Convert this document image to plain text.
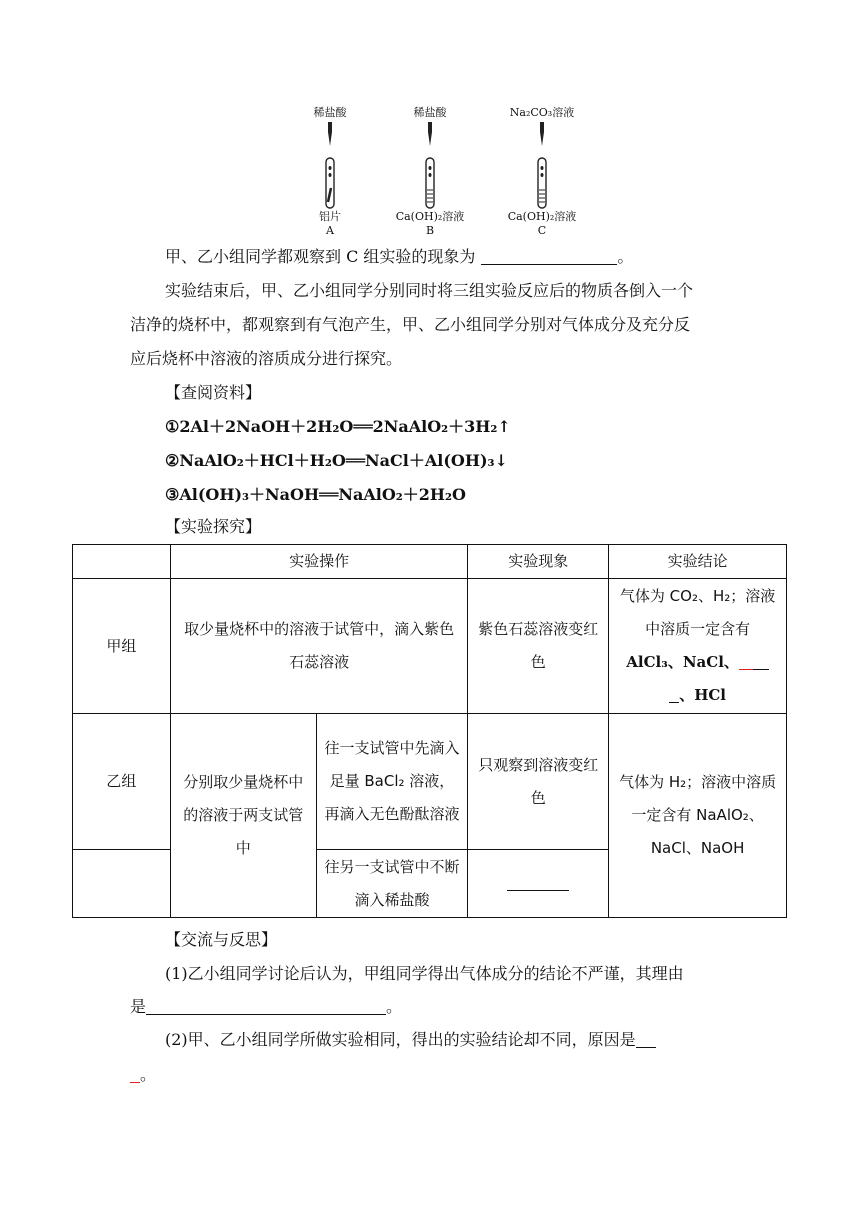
稀盐酸
铝片
A
稀盐酸
Ca(OH)₂溶液
B
Na₂CO₃溶液
Ca(OH)₂溶液
C
甲、乙小组同学都观察到 C 组实验的现象为	。
实验结束后，甲、乙小组同学分别同时将三组实验反应后的物质各倒入一个
洁净的烧杯中，都观察到有气泡产生，甲、乙小组同学分别对气体成分及充分反
应后烧杯中溶液的溶质成分进行探究。
【查阅资料】
①2Al＋2NaOH＋2H₂O══2NaAlO₂＋3H₂↑
②NaAlO₂＋HCl＋H₂O══NaCl＋Al(OH)₃↓
③Al(OH)₃＋NaOH══NaAlO₂＋2H₂O
【实验探究】
	实验操作		实验现象	实验结论
甲组	取少量烧杯中的溶液于试管中，滴入紫色石蕊溶液		紫色石蕊溶液变红色	气体为 CO₂、H₂；溶液中溶质一定含有
AlCl₃、NaCl、
、HCl
乙组	分别取少量烧杯中的溶液于两支试管中	往一支试管中先滴入足量 BaCl₂ 溶液，再滴入无色酚酞溶液	只观察到溶液变红色	气体为 H₂；溶液中溶质一定含有 NaAlO₂、NaCl、NaOH
		往另一支试管中不断滴入稀盐酸		
【交流与反思】
(1)乙小组同学讨论后认为，甲组同学得出气体成分的结论不严谨，其理由
是	。
(2)甲、乙小组同学所做实验相同，得出的实验结论却不同，原因是
。
